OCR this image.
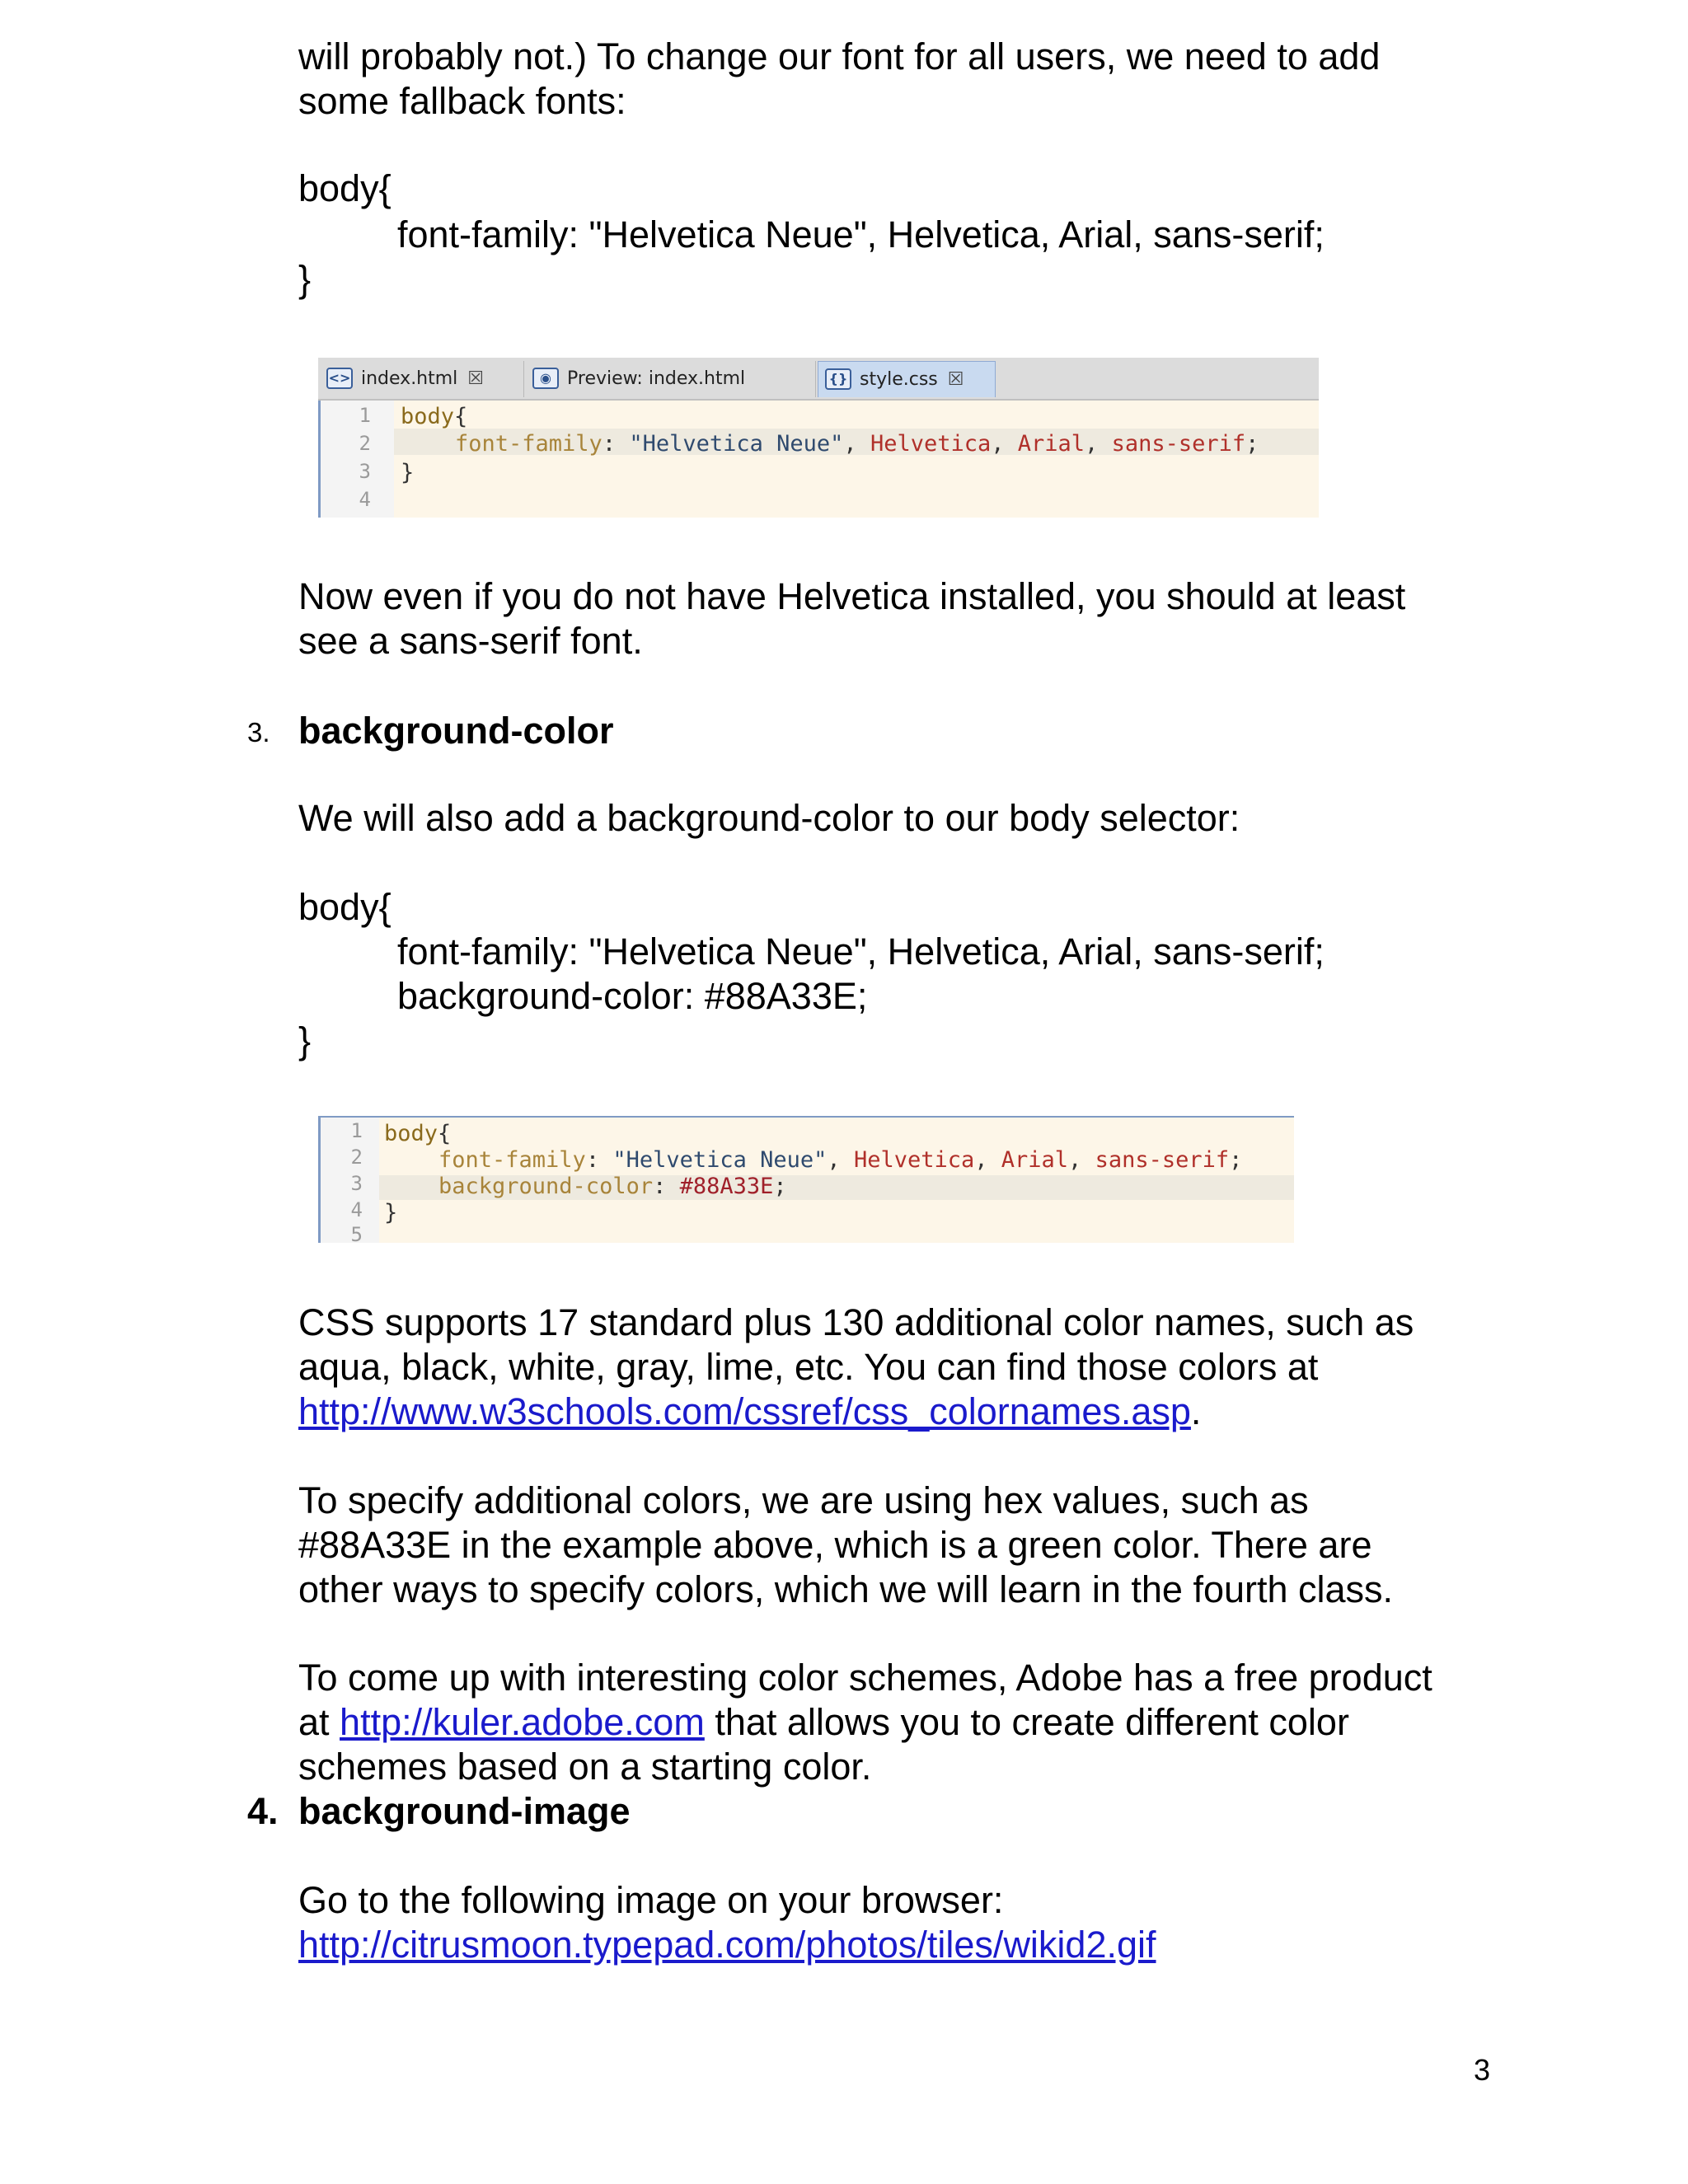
will probably not.) To change our font for all users, we need to add
some fallback fonts:

body{
font-family: "Helvetica Neue", Helvetica, Arial, sans-serif;
}
<> index.html ☒	◉ Preview: index.html	{} style.css ☒
1
2
3
4
body{
font-family: "Helvetica Neue", Helvetica, Arial, sans-serif;
}

Now even if you do not have Helvetica installed, you should at least
see a sans-serif font.

3. background-color

We will also add a background-color to our body selector:

body{
font-family: "Helvetica Neue", Helvetica, Arial, sans-serif;
background-color: #88A33E;
}
1
2
3
4
5
body{
font-family: "Helvetica Neue", Helvetica, Arial, sans-serif;
background-color: #88A33E;
}

CSS supports 17 standard plus 130 additional color names, such as
aqua, black, white, gray, lime, etc. You can find those colors at
http://www.w3schools.com/cssref/css_colornames.asp.

To specify additional colors, we are using hex values, such as
#88A33E in the example above, which is a green color. There are
other ways to specify colors, which we will learn in the fourth class.

To come up with interesting color schemes, Adobe has a free product
at http://kuler.adobe.com that allows you to create different color
schemes based on a starting color.

4. background-image

Go to the following image on your browser:
http://citrusmoon.typepad.com/photos/tiles/wikid2.gif

3
